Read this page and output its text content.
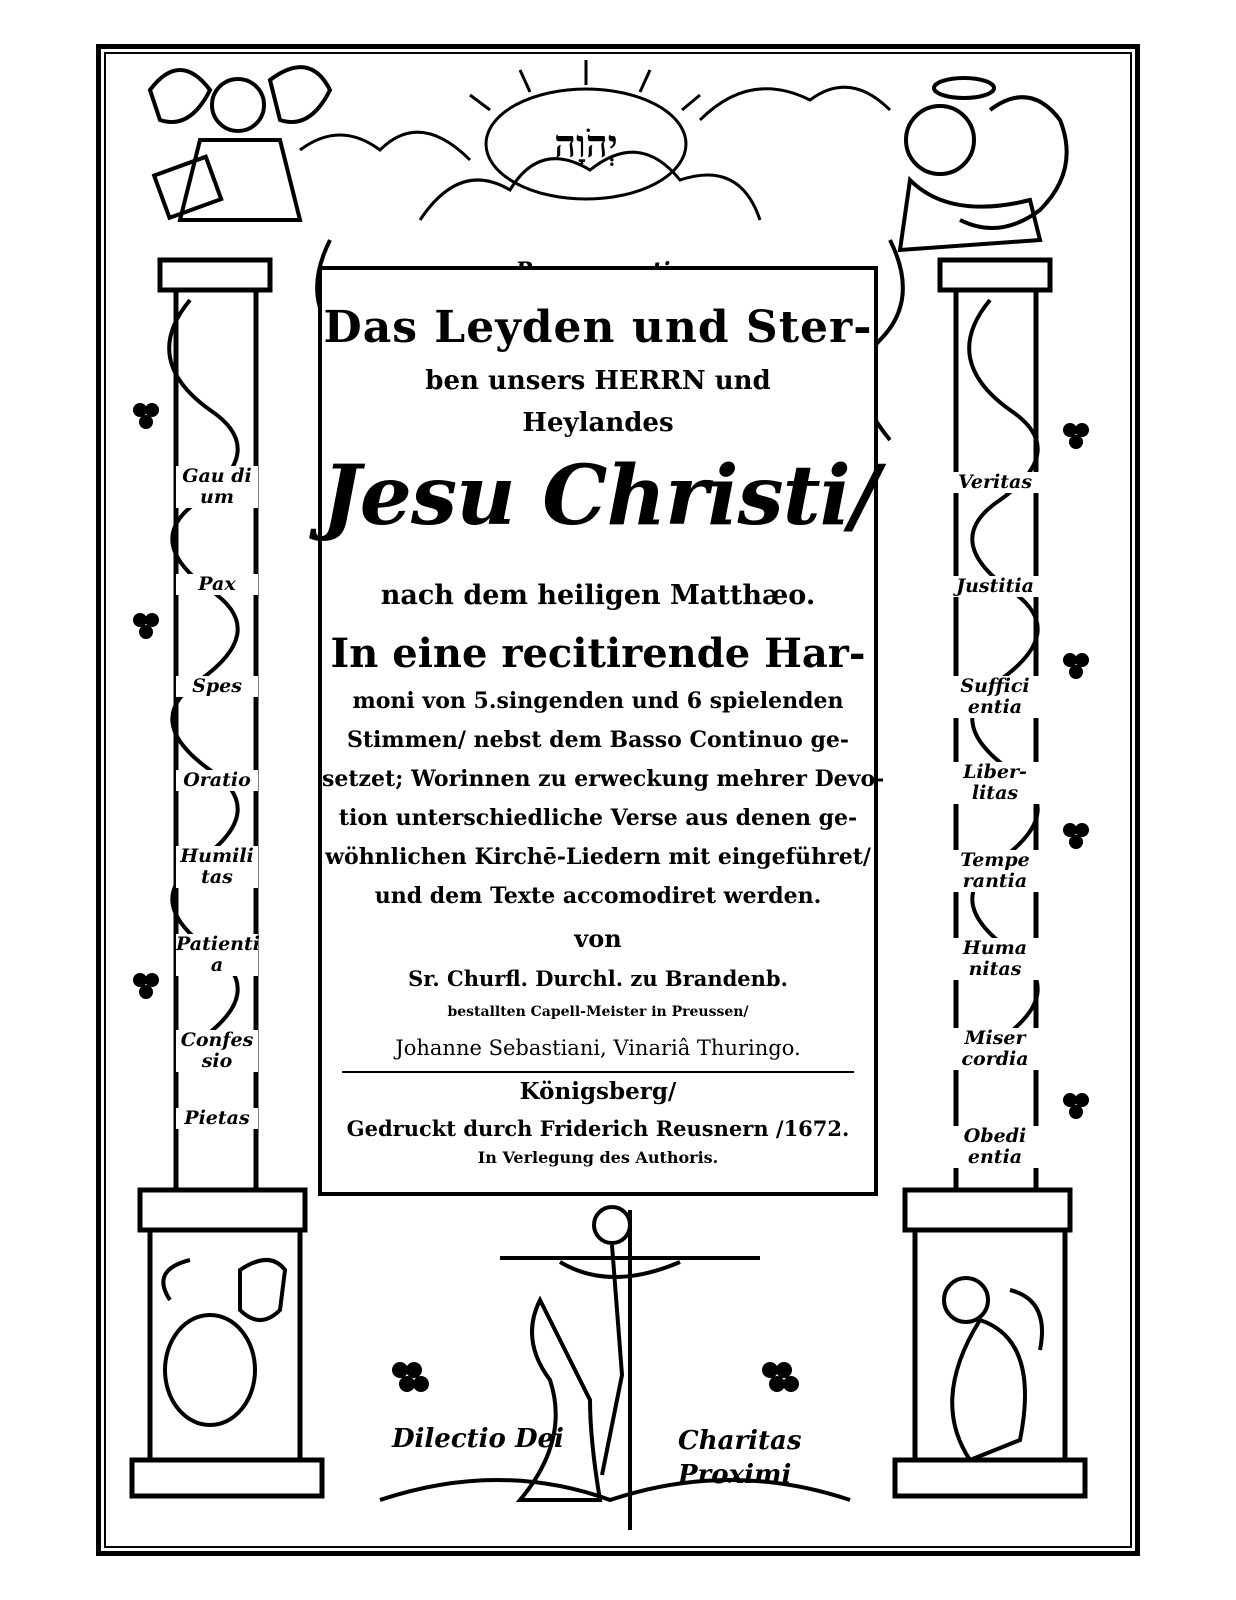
יְהֹוָה
Das Leyden und Ster-
ben unsers HERRN und
Heylandes
Jesu Christi/
nach dem heiligen Matthæo.
In eine recitirende Har-
moni von 5.singenden und 6 spielenden
Stimmen/ nebst dem Basso Continuo ge-
setzet; Worinnen zu erweckung mehrer Devo-
tion unterschiedliche Verse aus denen ge-
wöhnlichen Kirchē-Liedern mit eingeführet/
und dem Texte accomodiret werden.
von
Sr. Churfl. Durchl. zu Brandenb.
bestallten Capell-Meister in Preussen/
Johanne Sebastiani, Vinariâ Thuringo.
Königsberg/
Gedruckt durch Friderich Reusnern /1672.
In Verlegung des Authoris.
Gau di um
Pax
Spes
Oratio
Humili tas
Patienti a
Confes sio
Pietas
Veritas
Justitia
Suffici entia
Liber- litas
Tempe rantia
Huma nitas
Miser cordia
Obedi entia
Dilectio Dei	Charitas Proximi
